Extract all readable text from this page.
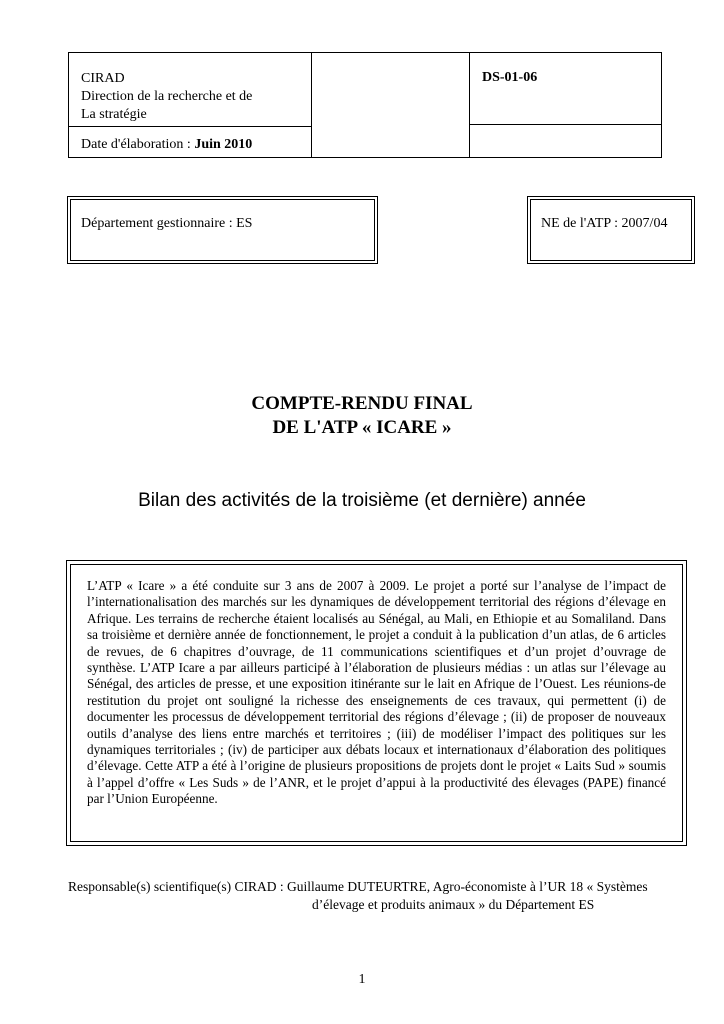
CIRAD
Direction de la recherche et de
La stratégie
Date d'élaboration : Juin 2010
DS-01-06
Département gestionnaire : ES	NE de l'ATP : 2007/04
COMPTE-RENDU FINAL
DE L'ATP « ICARE »
Bilan des activités de la troisième (et dernière) année
L’ATP « Icare » a été conduite sur 3 ans de 2007 à 2009. Le projet a porté sur l’analyse de l’impact de l’internationalisation des marchés sur les dynamiques de développement territorial des régions d’élevage en Afrique. Les terrains de recherche étaient localisés au Sénégal, au Mali, en Ethiopie et au Somaliland. Dans sa troisième et dernière année de fonctionnement, le projet a conduit à la publication d’un atlas, de 6 articles de revues, de 6 chapitres d’ouvrage, de 11 communications scientifiques et d’un projet d’ouvrage de synthèse. L’ATP Icare a par ailleurs participé à l’élaboration de plusieurs médias : un atlas sur l’élevage au Sénégal, des articles de presse, et une exposition itinérante sur le lait en Afrique de l’Ouest. Les réunions-de restitution du projet ont souligné la richesse des enseignements de ces travaux, qui permettent (i) de documenter les processus de développement territorial des régions d’élevage ; (ii) de proposer de nouveaux outils d’analyse des liens entre marchés et territoires ; (iii) de modéliser l’impact des politiques sur les dynamiques territoriales ; (iv) de participer aux débats locaux et internationaux d’élaboration des politiques d’élevage. Cette ATP a été à l’origine de plusieurs propositions de projets dont le projet « Laits Sud » soumis à l’appel d’offre « Les Suds » de l’ANR, et le projet d’appui à la productivité des élevages (PAPE) financé par l’Union Européenne.
Responsable(s) scientifique(s) CIRAD : Guillaume DUTEURTRE, Agro-économiste à l’UR 18 « Systèmes
d’élevage et produits animaux » du Département ES
1
